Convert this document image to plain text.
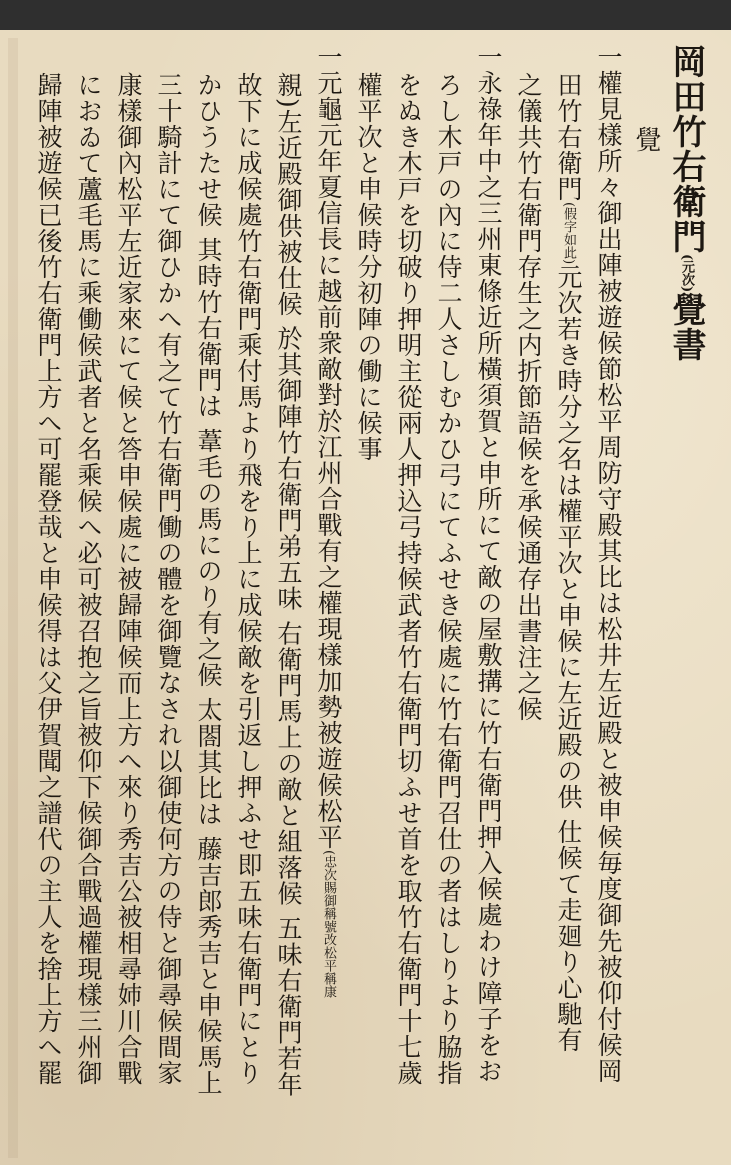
岡田竹右衛門(元次)覺書
覺
一權見樣所々御出陣被遊候節松平周防守殿其比は松井左近殿と被申候毎度御先被仰付候岡
田竹右衛門(假字如此)元次若き時分之名は權平次と申候に左近殿の供 仕候て走廻り心馳有
之儀共竹右衛門存生之内折節語候を承候通存出書注之候
一永祿年中之三州東條近所橫須賀と申所にて敵の屋敷搆に竹右衛門押入候處わけ障子をお
ろし木戸の內に侍二人さしむかひ弓にてふせき候處に竹右衛門召仕の者はしりより脇指
をぬき木戸を切破り押明主從兩人押込弓持候武者竹右衛門切ふせ首を取竹右衛門十七歲
權平次と申候時分初陣の働に候事
一元龜元年夏信長に越前衆敵對於江州合戰有之權現樣加勢被遊候松平(忠次賜御稱號改松平稱康
親)左近殿御供被仕候 於其御陣竹右衛門弟五味 右衛門馬上の敵と組落候 五味右衛門若年
故下に成候處竹右衛門乘付馬より飛をり上に成候敵を引返し押ふせ即五味右衛門にとり
かひうたせ候 其時竹右衛門は 葦毛の馬にのり有之候 太閤其比は 藤吉郎秀吉と申候馬上
三十騎計にて御ひかへ有之て竹右衛門働の體を御覽なされ以御使何方の侍と御尋候間家
康樣御內松平左近家來にて候と答申候處に被歸陣候而上方へ來り秀吉公被相尋姉川合戰
におゐて蘆毛馬に乘働候武者と名乘候へ必可被召抱之旨被仰下候御合戰過權現樣三州御
歸陣被遊候已後竹右衛門上方へ可罷登哉と申候得は父伊賀聞之譜代の主人を捨上方へ罷
